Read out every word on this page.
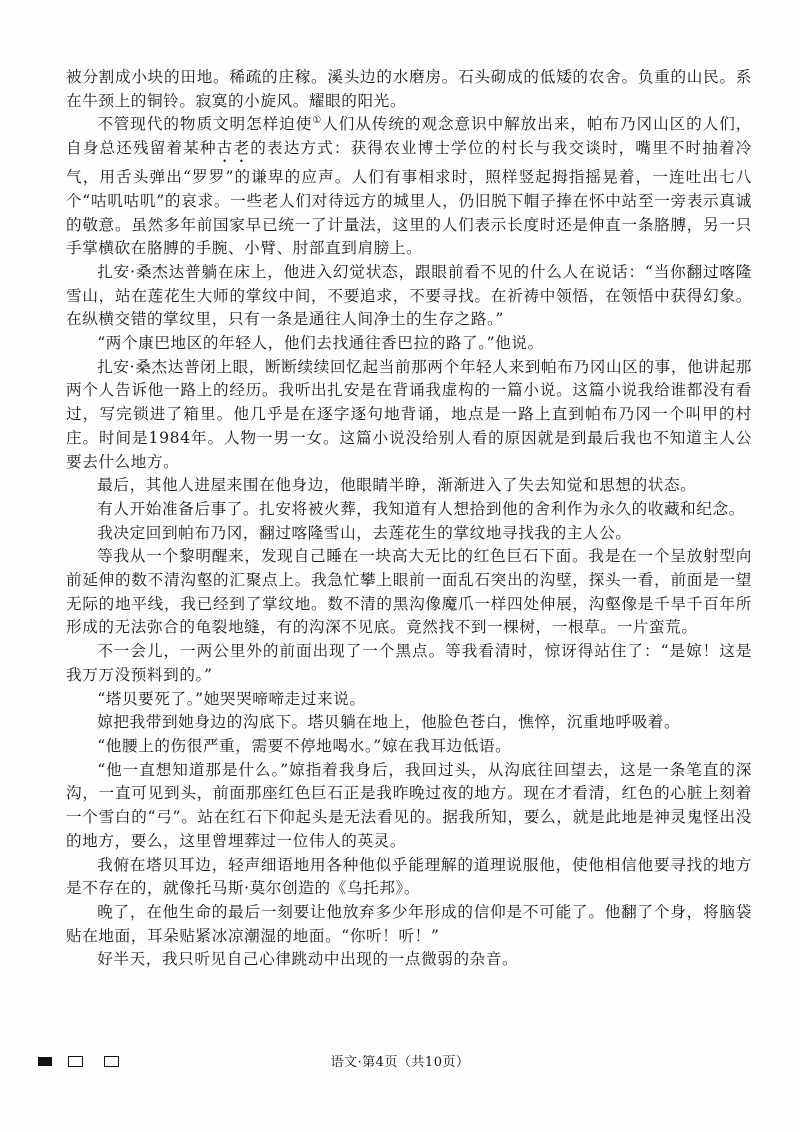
被分割成小块的田地。稀疏的庄稼。溪头边的水磨房。石头砌成的低矮的农舍。负重的山民。系在牛颈上的铜铃。寂寞的小旋风。耀眼的阳光。

不管现代的物质文明怎样迫使①人们从传统的观念意识中解放出来，帕布乃冈山区的人们，自身总还残留着某种古老的表达方式：获得农业博士学位的村长与我交谈时，嘴里不时抽着冷气，用舌头弹出“罗罗”的谦卑的应声。人们有事相求时，照样竖起拇指摇晃着，一连吐出七八个“咕叽咕叽”的哀求。一些老人们对待远方的城里人，仍旧脱下帽子捧在怀中站至一旁表示真诚的敬意。虽然多年前国家早已统一了计量法，这里的人们表示长度时还是伸直一条胳膊，另一只手掌横砍在胳膊的手腕、小臂、肘部直到肩膀上。

扎安·桑杰达普躺在床上，他进入幻觉状态，跟眼前看不见的什么人在说话：“当你翻过喀隆雪山，站在莲花生大师的掌纹中间，不要追求，不要寻找。在祈祷中领悟，在领悟中获得幻象。在纵横交错的掌纹里，只有一条是通往人间净土的生存之路。”

“两个康巴地区的年轻人，他们去找通往香巴拉的路了。”他说。

扎安·桑杰达普闭上眼，断断续续回忆起当前那两个年轻人来到帕布乃冈山区的事，他讲起那两个人告诉他一路上的经历。我听出扎安是在背诵我虚构的一篇小说。这篇小说我给谁都没有看过，写完锁进了箱里。他几乎是在逐字逐句地背诵，地点是一路上直到帕布乃冈一个叫甲的村庄。时间是1984年。人物一男一女。这篇小说没给别人看的原因就是到最后我也不知道主人公要去什么地方。

最后，其他人进屋来围在他身边，他眼睛半睁，渐渐进入了失去知觉和思想的状态。

有人开始准备后事了。扎安将被火葬，我知道有人想拾到他的舍利作为永久的收藏和纪念。

我决定回到帕布乃冈，翻过喀隆雪山，去莲花生的掌纹地寻找我的主人公。

等我从一个黎明醒来，发现自己睡在一块高大无比的红色巨石下面。我是在一个呈放射型向前延伸的数不清沟壑的汇聚点上。我急忙攀上眼前一面乱石突出的沟壁，探头一看，前面是一望无际的地平线，我已经到了掌纹地。数不清的黑沟像魔爪一样四处伸展，沟壑像是千旱千百年所形成的无法弥合的龟裂地缝，有的沟深不见底。竟然找不到一棵树，一根草。一片蛮荒。

不一会儿，一两公里外的前面出现了一个黑点。等我看清时，惊讶得站住了：“是婛！这是我万万没预料到的。”

“塔贝要死了。”她哭哭啼啼走过来说。

婛把我带到她身边的沟底下。塔贝躺在地上，他脸色苍白，憔悴，沉重地呼吸着。

“他腰上的伤很严重，需要不停地喝水。”婛在我耳边低语。

“他一直想知道那是什么。”婛指着我身后，我回过头，从沟底往回望去，这是一条笔直的深沟，一直可见到头，前面那座红色巨石正是我昨晚过夜的地方。现在才看清，红色的心脏上刻着一个雪白的“弓”。站在红石下仰起头是无法看见的。据我所知，要么，就是此地是神灵鬼怪出没的地方，要么，这里曾埋葬过一位伟人的英灵。

我俯在塔贝耳边，轻声细语地用各种他似乎能理解的道理说服他，使他相信他要寻找的地方是不存在的，就像托马斯·莫尔创造的《乌托邦》。

晚了，在他生命的最后一刻要让他放弃多少年形成的信仰是不可能了。他翻了个身，将脑袋贴在地面，耳朵贴紧冰凉潮湿的地面。“你听！听！”

好半天，我只听见自己心律跳动中出现的一点微弱的杂音。

语文·第4页（共10页）
